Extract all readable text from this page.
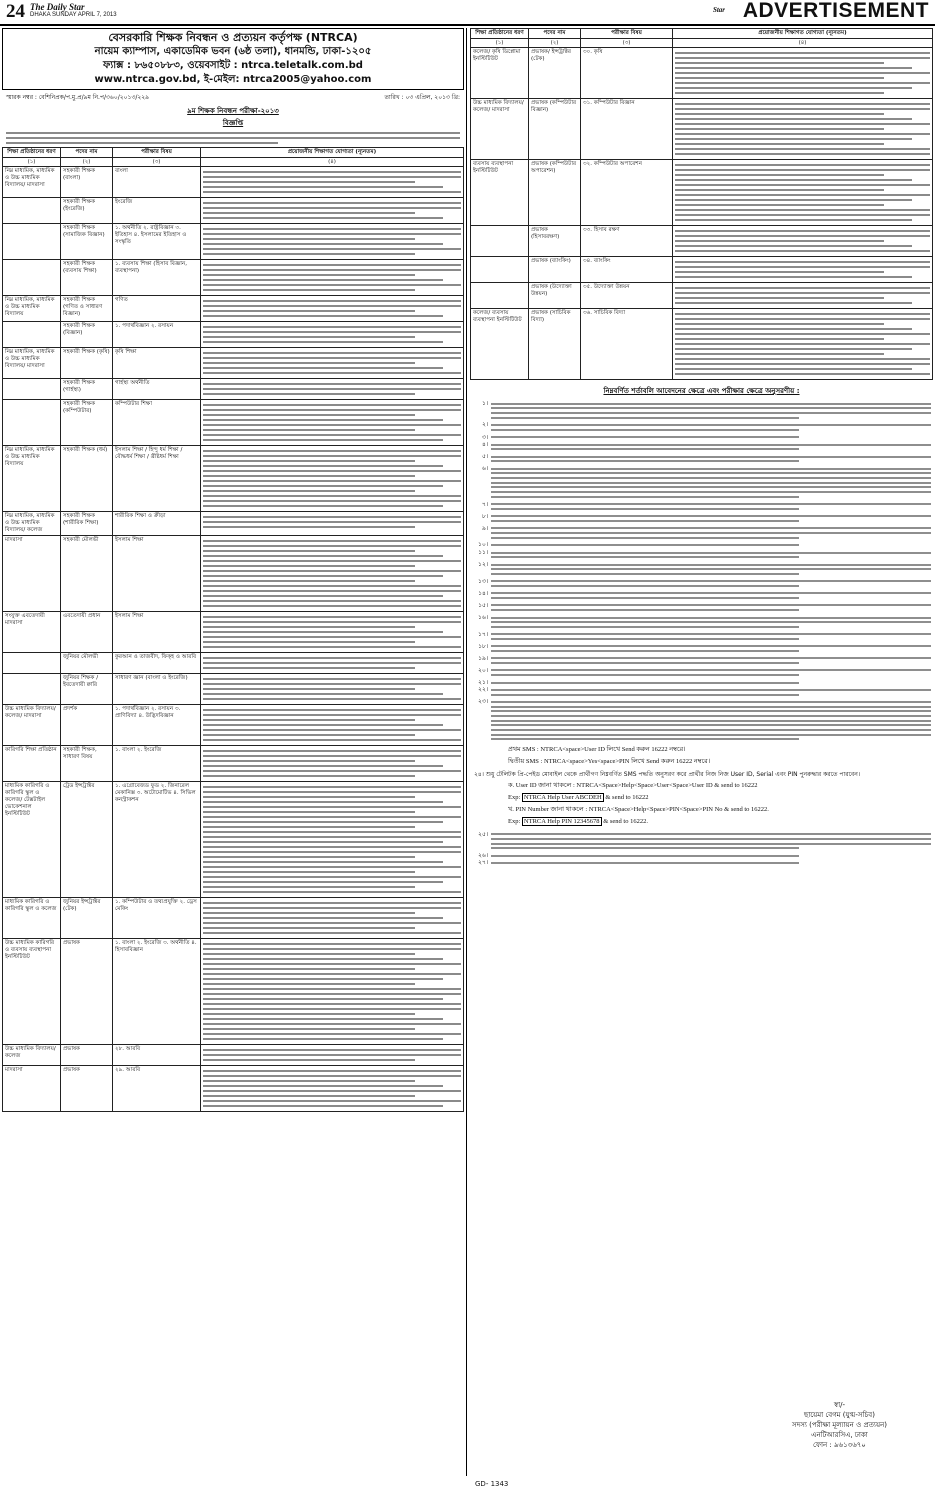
24 The Daily Star
DHAKA SUNDAY APRIL 7, 2013
Star ADVERTISEMENT
বেসরকারি শিক্ষক নিবন্ধন ও প্রত্যয়ন কর্তৃপক্ষ (NTRCA)
নায়েম ক্যাম্পাস, একাডেমিক ভবন (৬ষ্ঠ তলা), ধানমন্ডি, ঢাকা-১২০৫
ফ্যাক্স : ৮৬৫০৮৮৩, ওয়েবসাইট : ntrca.teletalk.com.bd
www.ntrca.gov.bd, ই-মেইল: ntrca2005@yahoo.com
স্মারক নম্বর : বেশিনিপ্রক/প.মু.প্র/৯ম নি.প/৩৬০/২০১৩/২২৯	তারিখ : ০৩ এপ্রিল, ২০১৩ খ্রি:
৯ম শিক্ষক নিবন্ধন পরীক্ষা-২০১৩
বিজ্ঞপ্তি
শিক্ষা প্রতিষ্ঠানের ধরণ	পদের নাম	পরীক্ষার বিষয়	প্রয়োজনীয় শিক্ষাগত যোগ্যতা (ন্যূনতম)
(১)	(২)	(৩)	(৪)
নিম্ন মাধ্যমিক, মাধ্যমিক ও উচ্চ মাধ্যমিক বিদ্যালয়/ মাদরাসা	সহকারী শিক্ষক (বাংলা)	বাংলা	

	সহকারী শিক্ষক (ইংরেজি)	ইংরেজি	

	সহকারী শিক্ষক (সামাজিক বিজ্ঞান)	১. অর্থনীতি ২. রাষ্ট্রবিজ্ঞান ৩. ইতিহাস ৪. ইসলামের ইতিহাস ও সংস্কৃতি	

	সহকারী শিক্ষক (ব্যবসায় শিক্ষা)	১. ব্যবসায় শিক্ষা (হিসাব বিজ্ঞান, ব্যবস্থাপনা)	

নিম্ন মাধ্যমিক, মাধ্যমিক ও উচ্চ মাধ্যমিক বিদ্যালয়	সহকারী শিক্ষক (গণিত ও সাধারণ বিজ্ঞান)	গণিত	

	সহকারী শিক্ষক (বিজ্ঞান)	১. পদার্থবিজ্ঞান ২. রসায়ন	

নিম্ন মাধ্যমিক, মাধ্যমিক ও উচ্চ মাধ্যমিক বিদ্যালয়/ মাদরাসা	সহকারী শিক্ষক (কৃষি)	কৃষি শিক্ষা	

	সহকারী শিক্ষক (গার্হস্থ্য)	গার্হস্থ্য অর্থনীতি	

	সহকারী শিক্ষক (কম্পিউটার)	কম্পিউটার শিক্ষা	

নিম্ন মাধ্যমিক, মাধ্যমিক ও উচ্চ মাধ্যমিক বিদ্যালয়	সহকারী শিক্ষক (ধর্ম)	ইসলাম শিক্ষা / হিন্দু ধর্ম শিক্ষা / বৌদ্ধধর্ম শিক্ষা / খ্রীষ্টধর্ম শিক্ষা	

নিম্ন মাধ্যমিক, মাধ্যমিক ও উচ্চ মাধ্যমিক বিদ্যালয়/ কলেজ	সহকারী শিক্ষক (শারীরিক শিক্ষা)	শারীরিক শিক্ষা ও ক্রীড়া	

মাদরাসা	সহকারী মৌলভী	ইসলাম শিক্ষা	

সংযুক্ত এবতেদায়ী মাদরাসা	এবতেদায়ী প্রধান	ইসলাম শিক্ষা	

	জুনিয়র মৌলভী	কুরআন ও তাজবীদ, ফিক্হ ও আরবি	

	জুনিয়র শিক্ষক / ইবতেদায়ী ক্বারি	সাধারণ জ্ঞান (বাংলা ও ইংরেজি)	

উচ্চ মাধ্যমিক বিদ্যালয়/ কলেজ/ মাদরাসা	প্রদর্শক	১. পদার্থবিজ্ঞান ২. রসায়ন ৩. প্রাণিবিদ্যা ৪. উদ্ভিদবিজ্ঞান	

কারিগরি শিক্ষা প্রতিষ্ঠান	সহকারী শিক্ষক, সাধারণ বিষয়	১. বাংলা ২. ইংরেজি	

মাধ্যমিক কারিগরি ও কারিগরি স্কুল ও কলেজ/ টেক্সটাইল ভোকেশনাল ইনস্টিটিউট	ট্রেড ইন্সট্রাক্টর	১. এগ্রোবেজড ফুড ২. জিনারেল মেকানিক্স ৩. অটোমোটিভ ৪. সিভিল কনস্ট্রাকশন	

মাধ্যমিক কারিগরি ও কারিগরি স্কুল ও কলেজ	জুনিয়র ইন্সট্রাক্টর (টেক)	১. কম্পিউটার ও তথ্যপ্রযুক্তি ২. ড্রেস মেকিং	

উচ্চ মাধ্যমিক কারিগরি ও ব্যবসায় ব্যবস্থাপনা ইনস্টিটিউট	প্রভাষক	১. বাংলা ২. ইংরেজি ৩. অর্থনীতি ৪. হিসাববিজ্ঞান	

উচ্চ মাধ্যমিক বিদ্যালয়/ কলেজ	প্রভাষক	২৮. আরবি	

মাদরাসা	প্রভাষক	২৯. আরবি	
শিক্ষা প্রতিষ্ঠানের ধরণ	পদের নাম	পরীক্ষার বিষয়	প্রয়োজনীয় শিক্ষাগত যোগ্যতা (ন্যূনতম)
(১)	(২)	(৩)	(৪)
কলেজ/ কৃষি ডিপ্লোমা ইনস্টিটিউট	প্রভাষক/ ইন্সট্রাক্টর (টেক)	৩০. কৃষি	

উচ্চ মাধ্যমিক বিদ্যালয়/ কলেজ/ মাদরাসা	প্রভাষক (কম্পিউটার বিজ্ঞান)	৩১. কম্পিউটার বিজ্ঞান	

ব্যবসায় ব্যবস্থাপনা ইনস্টিটিউট	প্রভাষক (কম্পিউটার অপারেশন)	৩২. কম্পিউটার অপারেশন	

	প্রভাষক (হিসাবরক্ষণ)	৩৩. হিসাব রক্ষণ	

	প্রভাষক (ব্যাংকিং)	৩৪. ব্যাংকিং	

	প্রভাষক (উদ্যোক্তা উন্নয়ন)	৩৫. উদ্যোক্তা উন্নয়ন	

কলেজ/ ব্যবসায় ব্যবস্থাপনা ইনস্টিটিউট	প্রভাষক (সাচিবিক বিদ্যা)	৩৬. সাচিবিক বিদ্যা	
নিম্নবর্ণিত শর্তাবলি আবেদনের ক্ষেত্রে এবং পরীক্ষার ক্ষেত্রে অনুসরণীয় :
১।
২।
৩।
৪।
৫।
৬।
৭।
৮।
৯।
১০।
১১।
১২।
১৩।
১৪।
১৫।
১৬।
১৭।
১৮।
১৯।
২০।
২১।
২২।
২৩।
প্রথম SMS : NTRCA<space>User ID লিখে Send করুন 16222 নম্বরে।
দ্বিতীয় SMS : NTRCA<space>Yes<space>PIN লিখে Send করুন 16222 নম্বরে।
২৪। শুধু টেলিটক প্রি-পেইড মোবাইল থেকে প্রার্থীগণ নিম্নবর্ণিত SMS পদ্ধতি অনুসরণ করে প্রার্থীর নিজ নিজ User ID, Serial এবং PIN পুনরুদ্ধার করতে পারবেন।
ক. User ID জানা থাকলে : NTRCA<Space>Help<Space>User<Space>User ID & send to 16222
Exp: NTRCA Help User ABCDEH & send to 16222
খ. PIN Number জানা থাকলে : NTRCA<Space>Help<Space>PIN<Space>PIN No & send to 16222.
Exp: NTRCA Help PIN 12345678 & send to 16222.
২৫।
২৬।
২৭।
স্বা/-
ছায়েমা বেগম (যুগ্ম-সচিব)
সদস্য (পরীক্ষা মূল্যায়ন ও প্রত্যয়ন)
এনটিআরসিএ, ঢাকা
ফোন : ৯৬১৩৬৭০
GD- 1343
